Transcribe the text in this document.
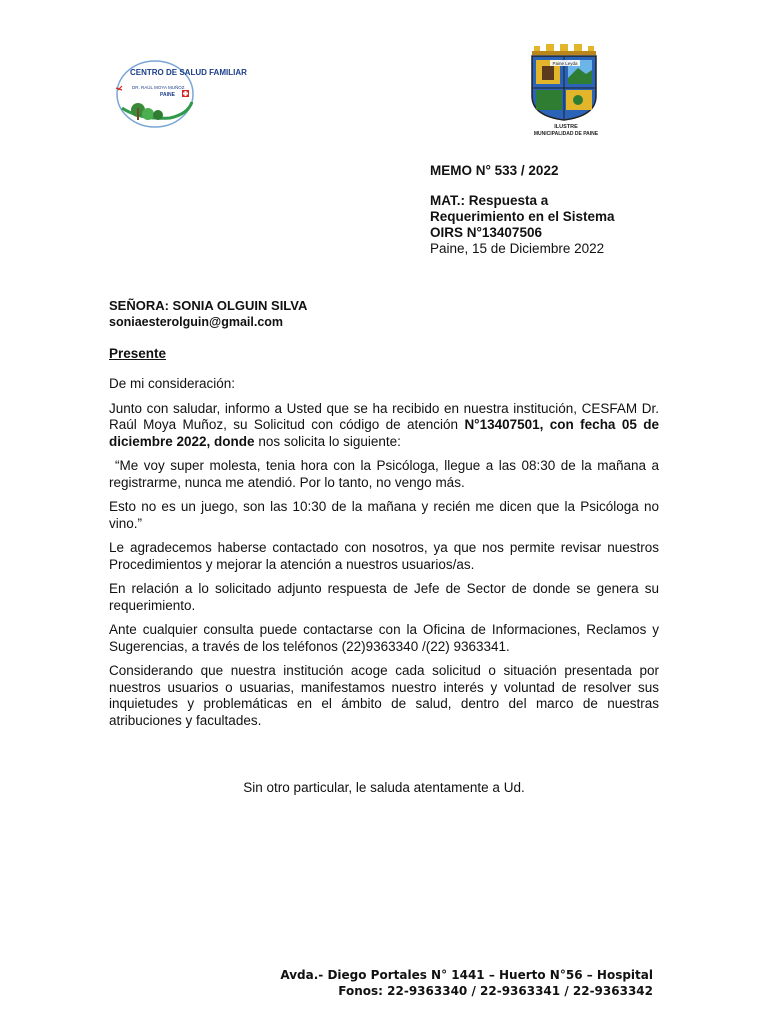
CENTRO DE SALUD FAMILIAR
DR. RAÚL MOYA MUÑOZ
PAINE
Paine Leyda
ILUSTRE
MUNICIPALIDAD DE PAINE
MEMO N° 533 / 2022
MAT.: Respuesta a
Requerimiento en el Sistema
OIRS N°13407506
Paine, 15 de Diciembre 2022
SEÑORA: SONIA OLGUIN SILVA
soniaesterolguin@gmail.com
Presente

De mi consideración:

Junto con saludar, informo a Usted que se ha recibido en nuestra institución, CESFAM Dr. Raúl Moya Muñoz, su Solicitud con código de atención N°13407501, con fecha 05 de diciembre 2022, donde nos solicita lo siguiente:

“Me voy super molesta, tenia hora con la Psicóloga, llegue a las 08:30 de la mañana a registrarme, nunca me atendió. Por lo tanto, no vengo más.

Esto no es un juego, son las 10:30 de la mañana y recién me dicen que la Psicóloga no vino.”

Le agradecemos haberse contactado con nosotros, ya que nos permite revisar nuestros Procedimientos y mejorar la atención a nuestros usuarios/as.

En relación a lo solicitado adjunto respuesta de Jefe de Sector de donde se genera su requerimiento.

Ante cualquier consulta puede contactarse con la Oficina de Informaciones, Reclamos y Sugerencias, a través de los teléfonos (22)9363340 /(22) 9363341.

Considerando que nuestra institución acoge cada solicitud o situación presentada por nuestros usuarios o usuarias, manifestamos nuestro interés y voluntad de resolver sus inquietudes y problemáticas en el ámbito de salud, dentro del marco de nuestras atribuciones y facultades.

Sin otro particular, le saluda atentamente a Ud.
Avda.- Diego Portales N° 1441 – Huerto N°56 – Hospital
Fonos: 22-9363340 / 22-9363341 / 22-9363342
